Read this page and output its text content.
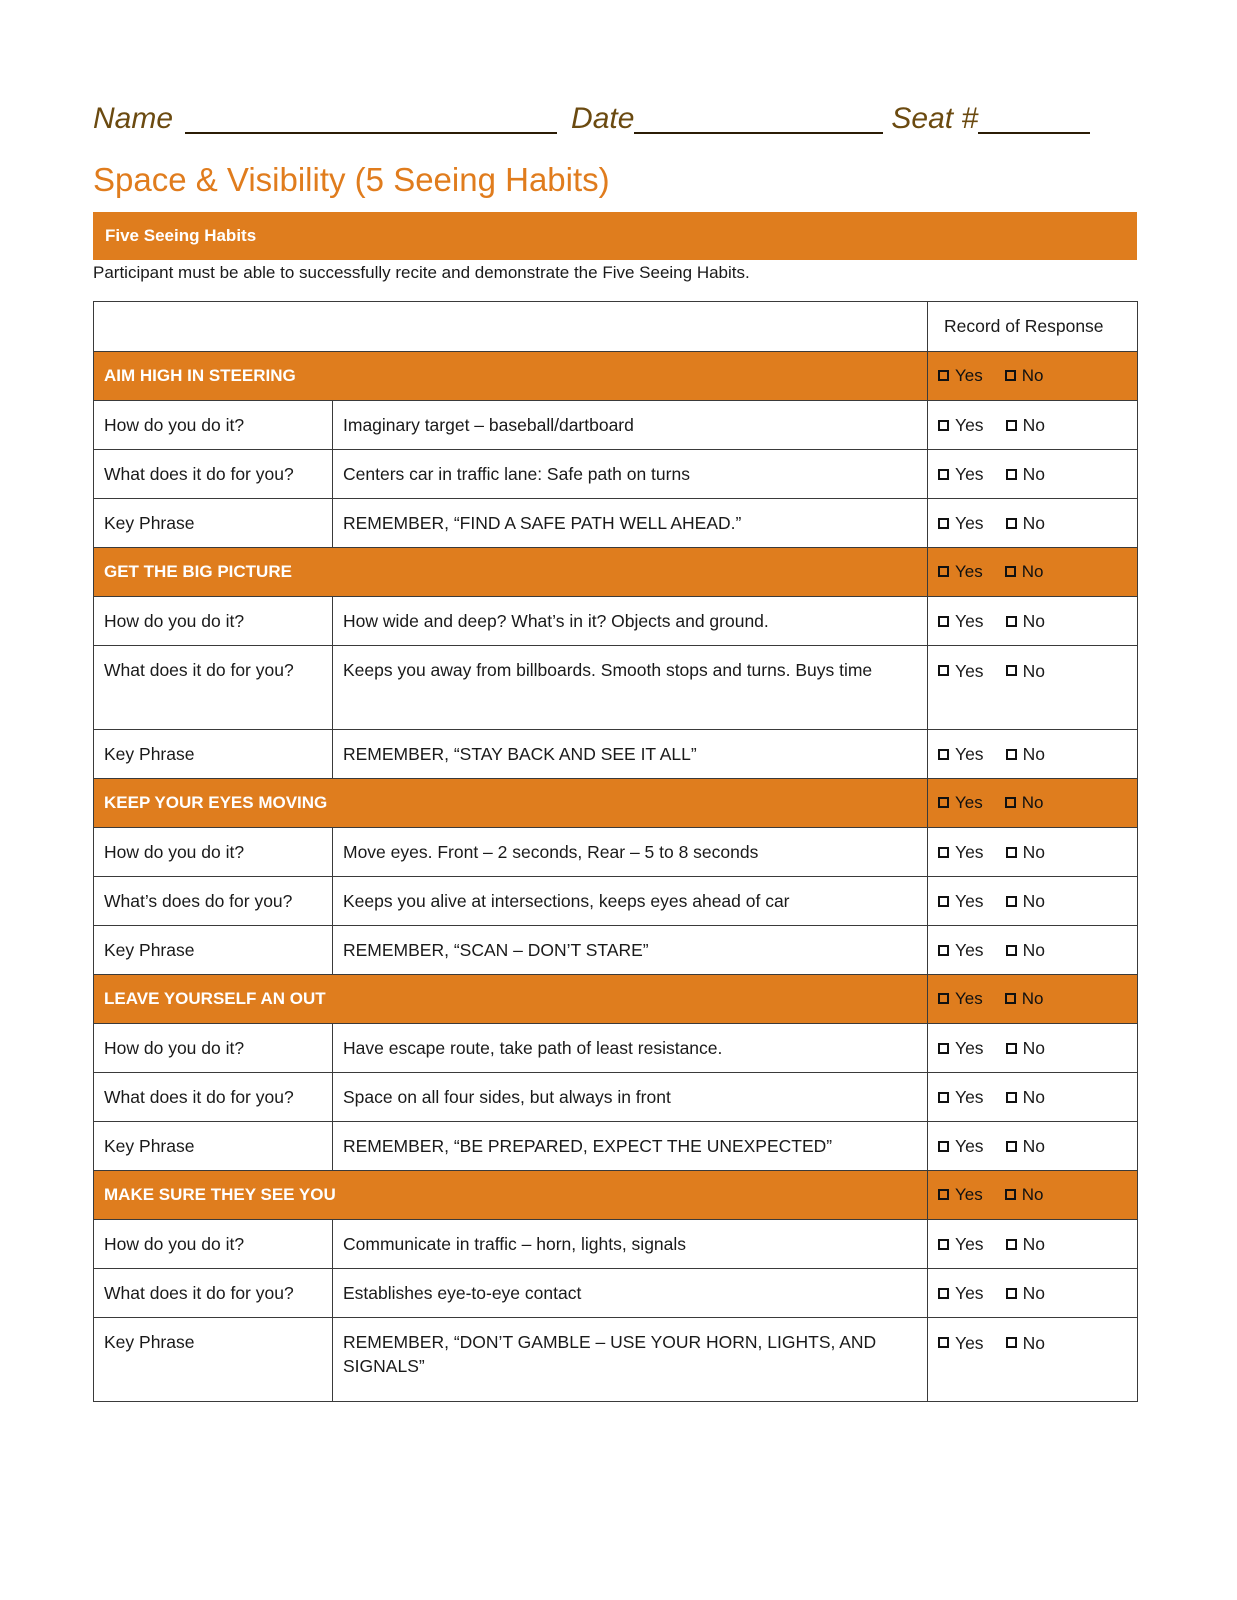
Name	Date	Seat #
Space & Visibility (5 Seeing Habits)
Five Seeing Habits
Participant must be able to successfully recite and demonstrate the Five Seeing Habits.
		Record of Response
AIM HIGH IN STEERING		Yes No

How do you do it?	Imaginary target – baseball/dartboard	Yes No

What does it do for you?	Centers car in traffic lane: Safe path on turns	Yes No

Key Phrase	REMEMBER, “FIND A SAFE PATH WELL AHEAD.”	Yes No

GET THE BIG PICTURE		Yes No

How do you do it?	How wide and deep? What’s in it? Objects and ground.	Yes No

What does it do for you?	Keeps you away from billboards. Smooth stops and turns. Buys time	Yes No

Key Phrase	REMEMBER, “STAY BACK AND SEE IT ALL”	Yes No

KEEP YOUR EYES MOVING		Yes No

How do you do it?	Move eyes. Front – 2 seconds, Rear – 5 to 8 seconds	Yes No

What’s does do for you?	Keeps you alive at intersections, keeps eyes ahead of car	Yes No

Key Phrase	REMEMBER, “SCAN – DON’T STARE”	Yes No

LEAVE YOURSELF AN OUT		Yes No

How do you do it?	Have escape route, take path of least resistance.	Yes No

What does it do for you?	Space on all four sides, but always in front	Yes No

Key Phrase	REMEMBER, “BE PREPARED, EXPECT THE UNEXPECTED”	Yes No

MAKE SURE THEY SEE YOU		Yes No

How do you do it?	Communicate in traffic – horn, lights, signals	Yes No

What does it do for you?	Establishes eye-to-eye contact	Yes No

Key Phrase	REMEMBER, “DON’T GAMBLE – USE YOUR HORN, LIGHTS, AND SIGNALS”	Yes No
